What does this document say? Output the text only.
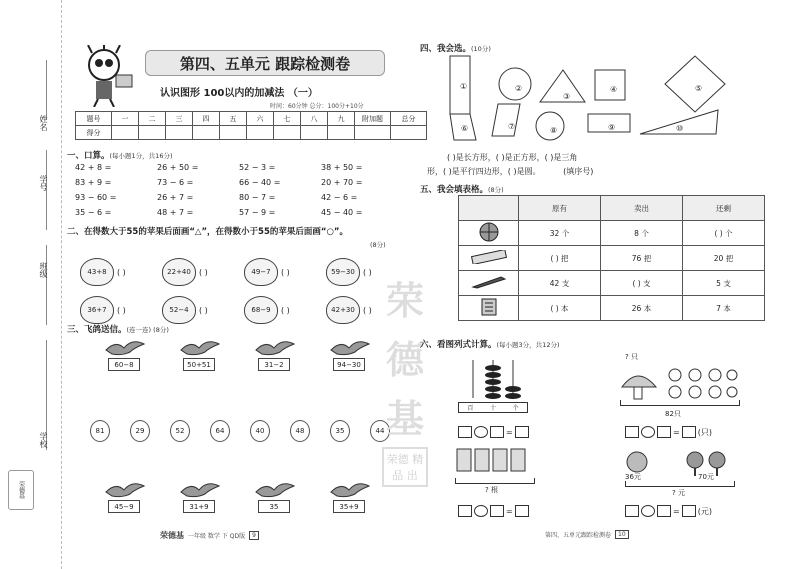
姓名
学号
班级
学校
荣德基
第四、五单元 跟踪检测卷
认识图形 100以内的加减法 （一）
时间：60分钟 总分：100分+10分
题号	一	二	三	四	五	六	七	八	九	附加题	总分
得分											
一、口算。(每小题1分，共16分)
42 + 8 =	26 + 50 =	52 − 3 =	38 + 50 =
83 + 9 =	73 − 6 =	66 − 40 =	20 + 70 =
93 − 60 =	26 + 7 =	80 − 7 =	42 − 6 =
35 − 6 =	48 + 7 =	57 − 9 =	45 − 40 =
二、在得数大于55的苹果后面画“△”，在得数小于55的苹果后面画“○”。
(8分)
43+8	( )	22+40	( )	49−7	( )	59−30	( )
36+7	( )	52−4	( )	68−9	( )	42+30	( )
三、飞鸽送信。(连一连) (8分)
60−8	50+51	31−2	94−30
81	29	52	64	40	48	35	44
45−9	31+9	35	35+9
荣德基 一年级 数学 下 QD版	9
荣
德
基
荣德 精品 出
四、我会选。(10分)
①	②
③
④	⑤
⑥	⑦	⑧	⑨	⑩
( )是长方形，( )是正方形，( )是三角
形，( )是平行四边形，( )是圆。	(填序号)
五、我会填表格。(8分)
	原有	卖出	还剩
	32 个	8 个	( ) 个
	( ) 把	76 把	20 把
	42 支	( ) 支	5 支
	( ) 本	26 本	7 本
六、看图列式计算。(每小题3分，共12分)
百	十	个
? 只
82只
=	= (只)
? 根
36元	70元
? 元
=	= (元)
第四、五单元跟踪检测卷	10
